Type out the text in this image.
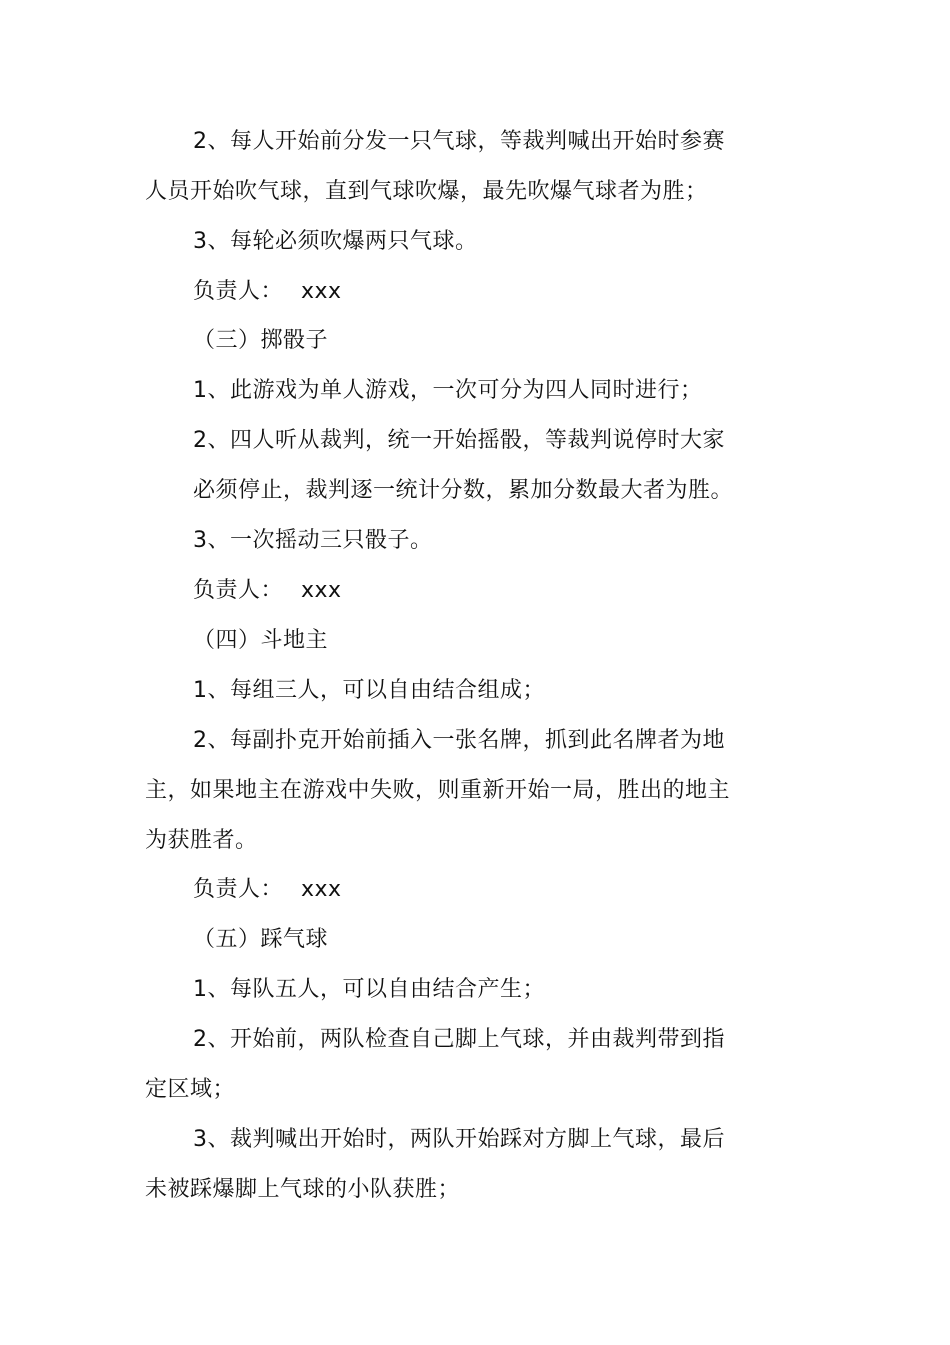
2、每人开始前分发一只气球，等裁判喊出开始时参赛
人员开始吹气球，直到气球吹爆，最先吹爆气球者为胜；
3、每轮必须吹爆两只气球。
负责人： xxx
（三）掷骰子
1、此游戏为单人游戏，一次可分为四人同时进行；
2、四人听从裁判，统一开始摇骰，等裁判说停时大家
必须停止，裁判逐一统计分数，累加分数最大者为胜。
3、一次摇动三只骰子。
负责人： xxx
（四）斗地主
1、每组三人，可以自由结合组成；
2、每副扑克开始前插入一张名牌，抓到此名牌者为地
主，如果地主在游戏中失败，则重新开始一局，胜出的地主
为获胜者。
负责人： xxx
（五）踩气球
1、每队五人，可以自由结合产生；
2、开始前，两队检查自己脚上气球，并由裁判带到指
定区域；
3、裁判喊出开始时，两队开始踩对方脚上气球，最后
未被踩爆脚上气球的小队获胜；
